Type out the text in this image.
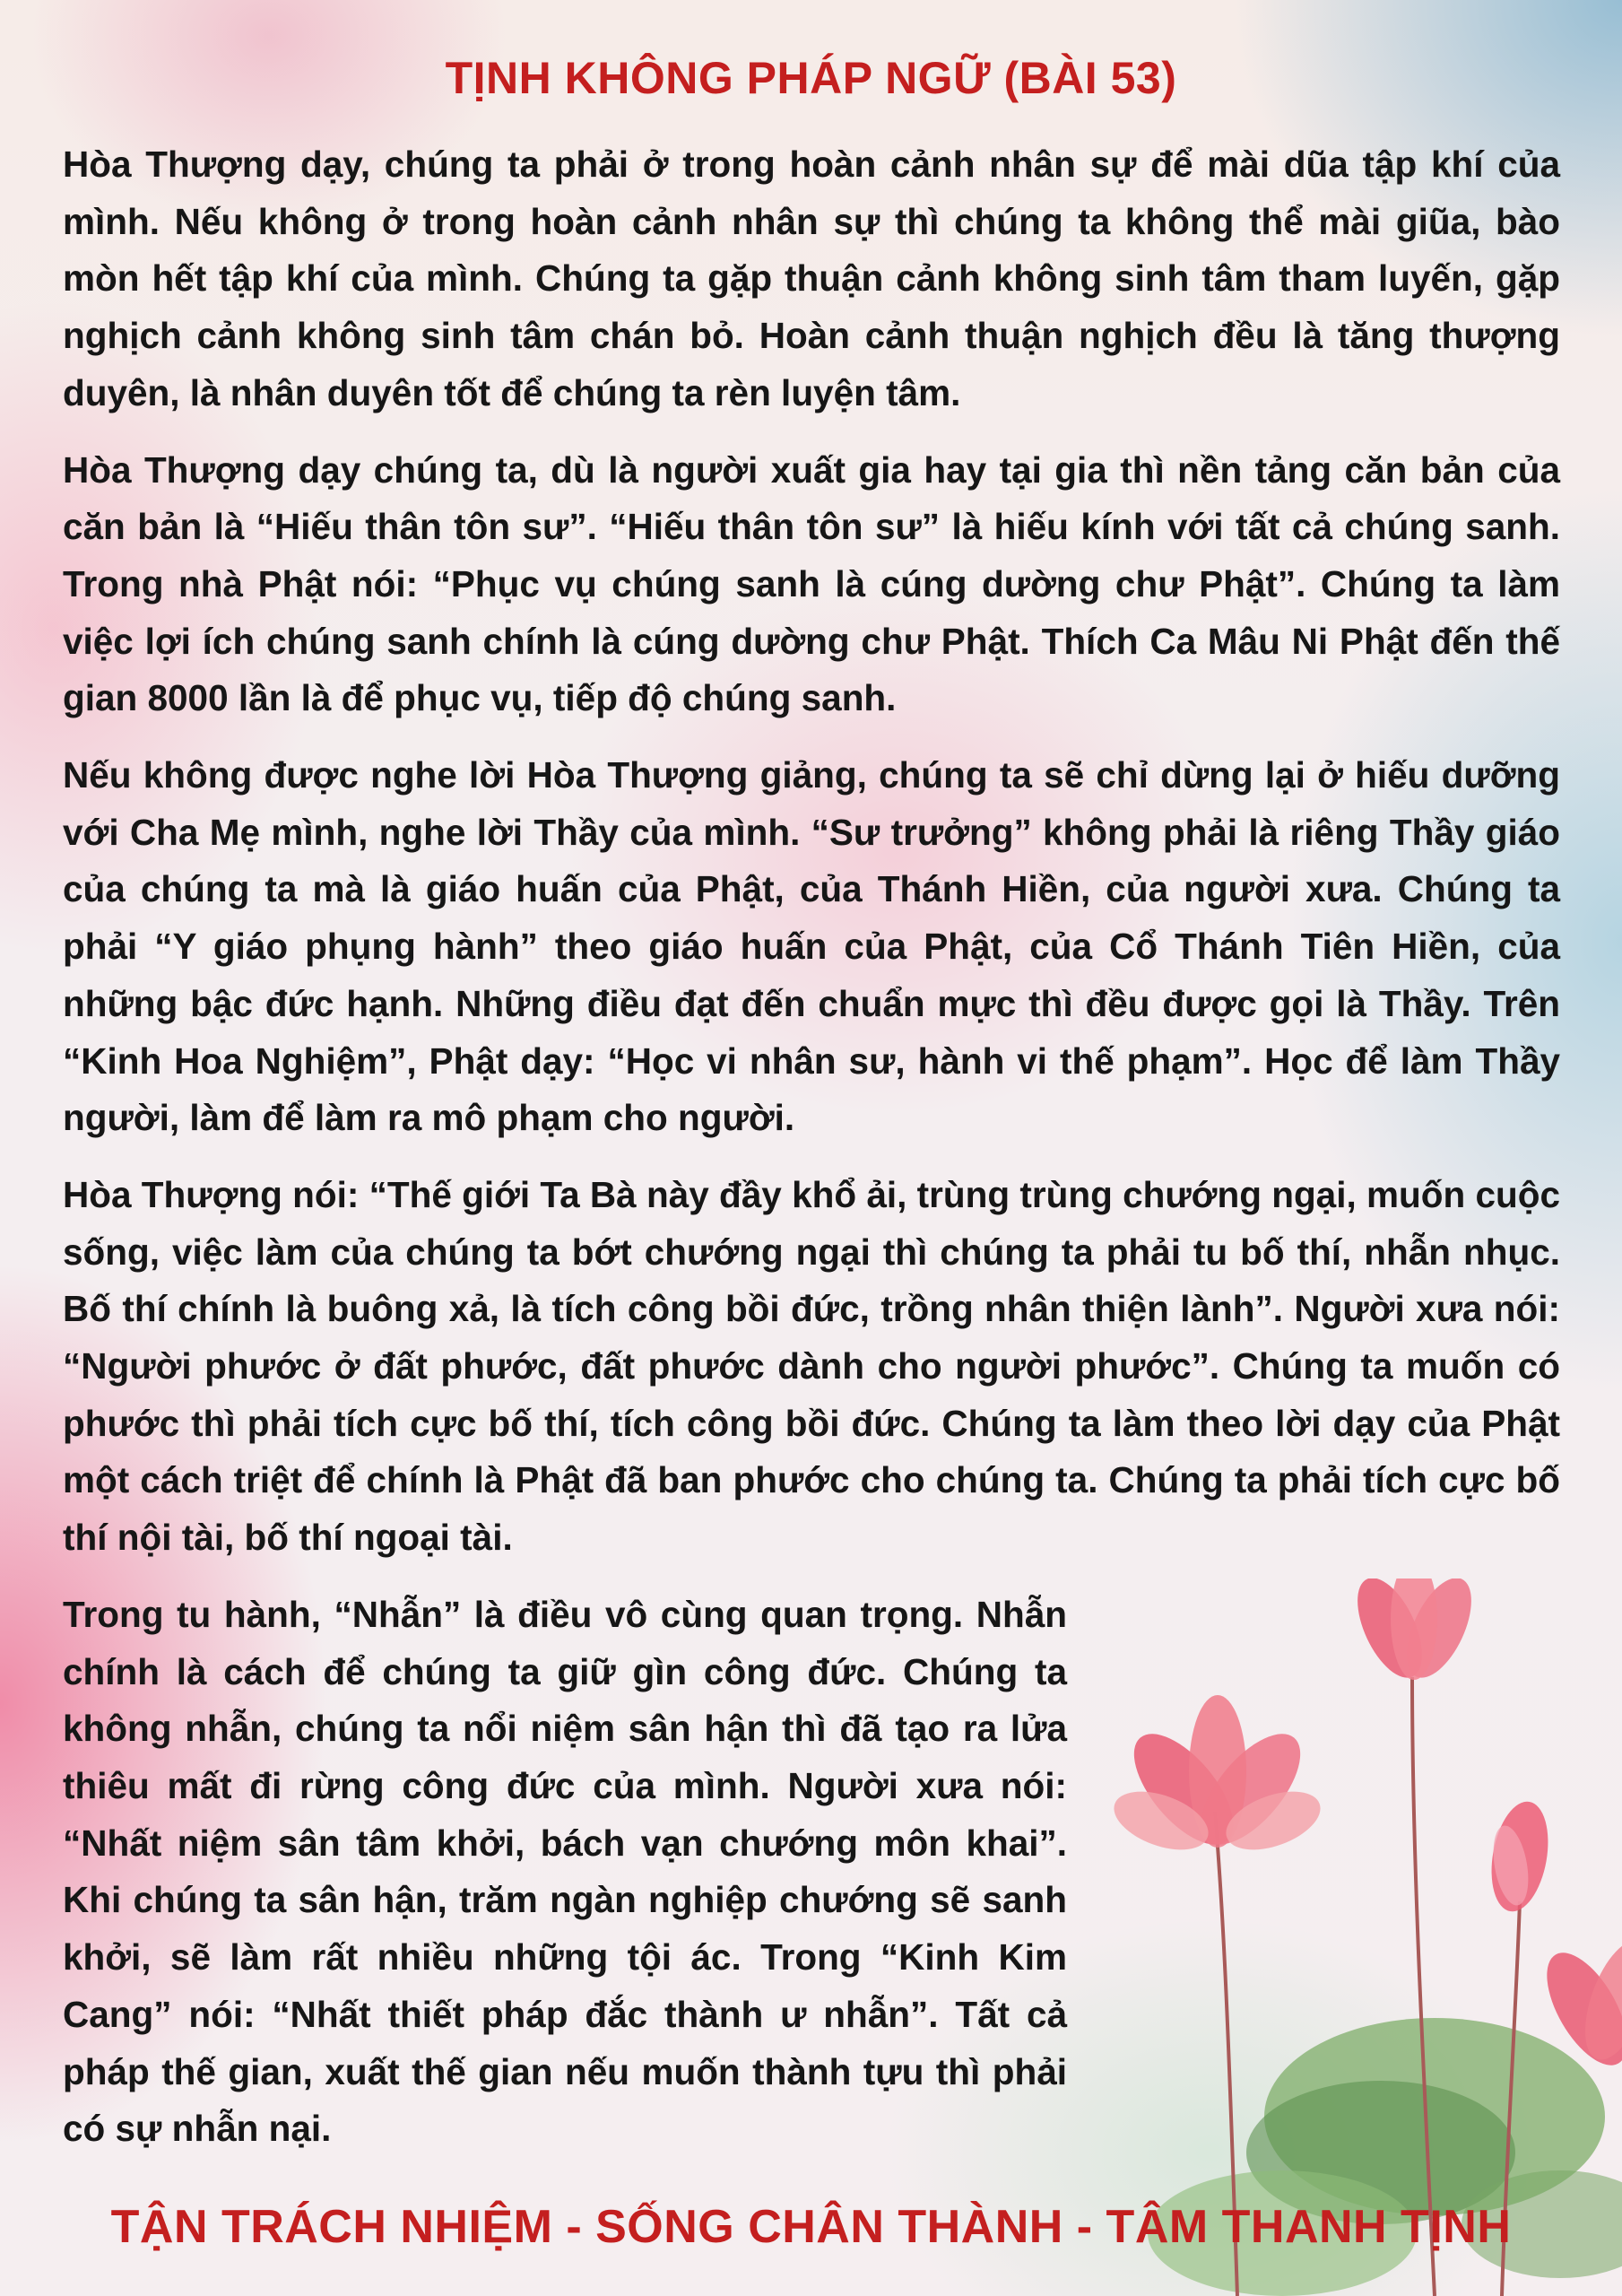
TỊNH KHÔNG PHÁP NGỮ (BÀI 53)

Hòa Thượng dạy, chúng ta phải ở trong hoàn cảnh nhân sự để mài dũa tập khí của mình. Nếu không ở trong hoàn cảnh nhân sự thì chúng ta không thể mài giũa, bào mòn hết tập khí của mình. Chúng ta gặp thuận cảnh không sinh tâm tham luyến, gặp nghịch cảnh không sinh tâm chán bỏ. Hoàn cảnh thuận nghịch đều là tăng thượng duyên, là nhân duyên tốt để chúng ta rèn luyện tâm.

Hòa Thượng dạy chúng ta, dù là người xuất gia hay tại gia thì nền tảng căn bản của căn bản là “Hiếu thân tôn sư”. “Hiếu thân tôn sư” là hiếu kính với tất cả chúng sanh. Trong nhà Phật nói: “Phục vụ chúng sanh là cúng dường chư Phật”. Chúng ta làm việc lợi ích chúng sanh chính là cúng dường chư Phật. Thích Ca Mâu Ni Phật đến thế gian 8000 lần là để phục vụ, tiếp độ chúng sanh.

Nếu không được nghe lời Hòa Thượng giảng, chúng ta sẽ chỉ dừng lại ở hiếu dưỡng với Cha Mẹ mình, nghe lời Thầy của mình. “Sư trưởng” không phải là riêng Thầy giáo của chúng ta mà là giáo huấn của Phật, của Thánh Hiền, của người xưa. Chúng ta phải “Y giáo phụng hành” theo giáo huấn của Phật, của Cổ Thánh Tiên Hiền, của những bậc đức hạnh. Những điều đạt đến chuẩn mực thì đều được gọi là Thầy. Trên “Kinh Hoa Nghiệm”, Phật dạy: “Học vi nhân sư, hành vi thế phạm”. Học để làm Thầy người, làm để làm ra mô phạm cho người.

Hòa Thượng nói: “Thế giới Ta Bà này đầy khổ ải, trùng trùng chướng ngại, muốn cuộc sống, việc làm của chúng ta bớt chướng ngại thì chúng ta phải tu bố thí, nhẫn nhục. Bố thí chính là buông xả, là tích công bồi đức, trồng nhân thiện lành”. Người xưa nói: “Người phước ở đất phước, đất phước dành cho người phước”. Chúng ta muốn có phước thì phải tích cực bố thí, tích công bồi đức. Chúng ta làm theo lời dạy của Phật một cách triệt để chính là Phật đã ban phước cho chúng ta. Chúng ta phải tích cực bố thí nội tài, bố thí ngoại tài.

Trong tu hành, “Nhẫn” là điều vô cùng quan trọng. Nhẫn chính là cách để chúng ta giữ gìn công đức. Chúng ta không nhẫn, chúng ta nổi niệm sân hận thì đã tạo ra lửa thiêu mất đi rừng công đức của mình. Người xưa nói: “Nhất niệm sân tâm khởi, bách vạn chướng môn khai”. Khi chúng ta sân hận, trăm ngàn nghiệp chướng sẽ sanh khởi, sẽ làm rất nhiều những tội ác. Trong “Kinh Kim Cang” nói: “Nhất thiết pháp đắc thành ư nhẫn”. Tất cả pháp thế gian, xuất thế gian nếu muốn thành tựu thì phải có sự nhẫn nại.

TẬN TRÁCH NHIỆM - SỐNG CHÂN THÀNH - TÂM THANH TỊNH
